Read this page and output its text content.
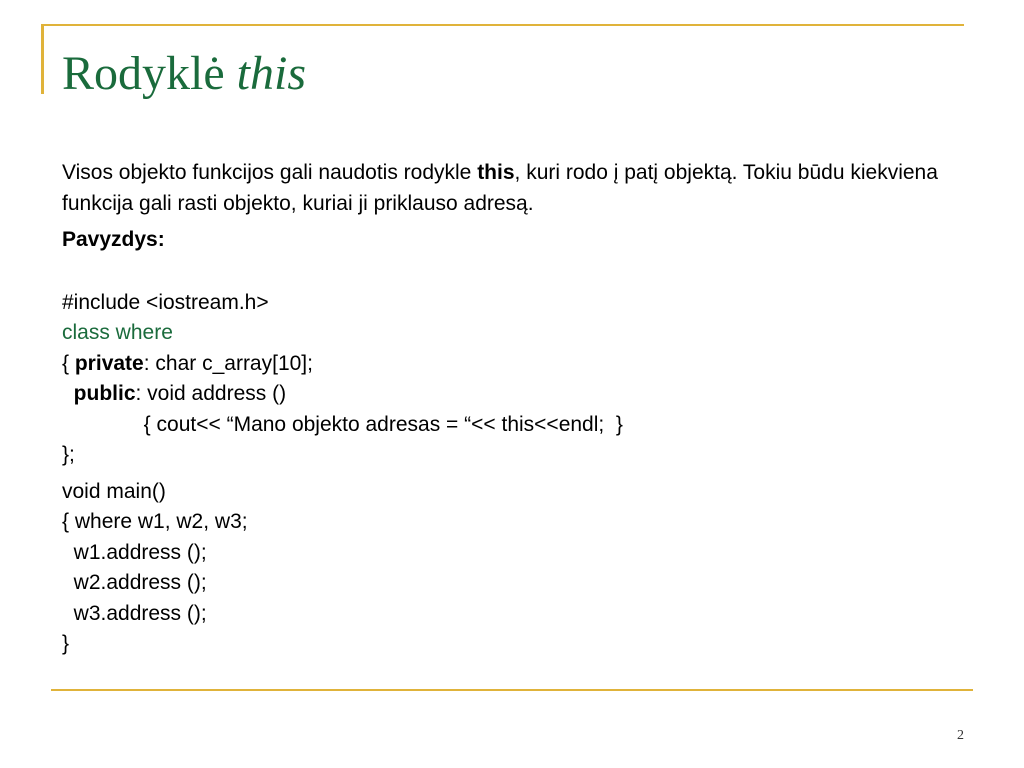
Rodyklė this

Visos objekto funkcijos gali naudotis rodykle this, kuri rodo į patį objektą. Tokiu būdu kiekviena funkcija gali rasti objekto, kuriai ji priklauso adresą.

Pavyzdys:

#include <iostream.h>

class where

{ private: char c_array[10];

public: void address ()

{ cout<< “Mano objekto adresas = “<< this<<endl;  }

};

void main()

{ where w1, w2, w3;

w1.address ();

w2.address ();

w3.address ();

}

2
